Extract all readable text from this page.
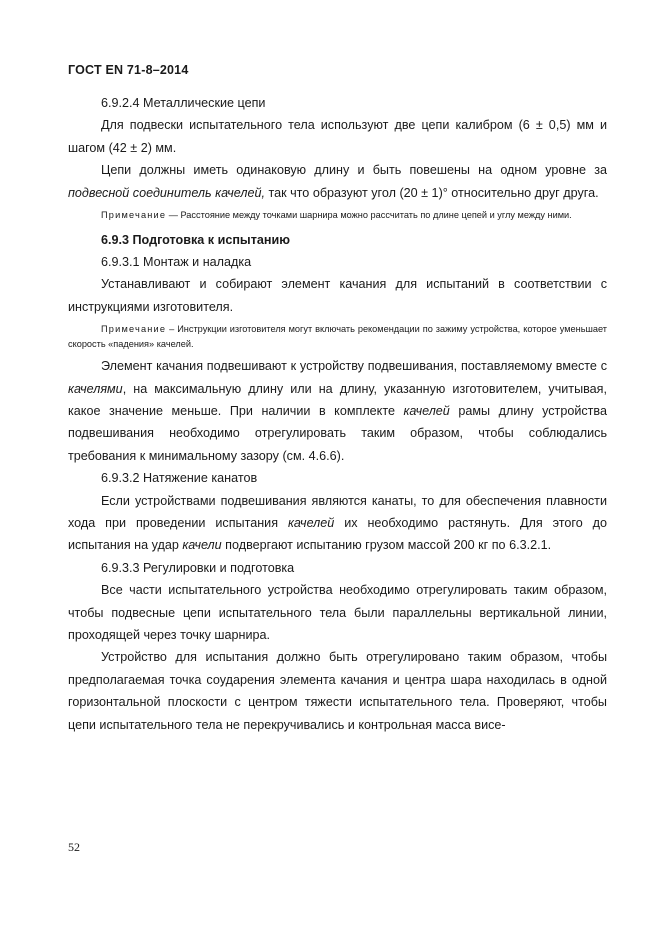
ГОСТ EN 71-8–2014
6.9.2.4 Металлические цепи

Для подвески испытательного тела используют две цепи калибром (6 ± 0,5) мм и шагом (42 ± 2) мм.

Цепи должны иметь одинаковую длину и быть повешены на одном уровне за подвесной соединитель качелей, так что образуют угол (20 ± 1)° относительно друг друга.

Примечание — Расстояние между точками шарнира можно рассчитать по длине цепей и углу между ними.

6.9.3 Подготовка к испытанию
6.9.3.1 Монтаж и наладка

Устанавливают и собирают элемент качания для испытаний в соответствии с инструкциями изготовителя.

Примечание – Инструкции изготовителя могут включать рекомендации по зажиму устройства, которое уменьшает скорость «падения» качелей.

Элемент качания подвешивают к устройству подвешивания, поставляемому вместе с качелями, на максимальную длину или на длину, указанную изготовителем, учитывая, какое значение меньше. При наличии в комплекте качелей рамы длину устройства подвешивания необходимо отрегулировать таким образом, чтобы соблюдались требования к минимальному зазору (см. 4.6.6).

6.9.3.2 Натяжение канатов

Если устройствами подвешивания являются канаты, то для обеспечения плавности хода при проведении испытания качелей их необходимо растянуть. Для этого до испытания на удар качели подвергают испытанию грузом массой 200 кг по 6.3.2.1.

6.9.3.3 Регулировки и подготовка

Все части испытательного устройства необходимо отрегулировать таким образом, чтобы подвесные цепи испытательного тела были параллельны вертикальной линии, проходящей через точку шарнира.

Устройство для испытания должно быть отрегулировано таким образом, чтобы предполагаемая точка соударения элемента качания и центра шара находилась в одной горизонтальной плоскости с центром тяжести испытательного тела. Проверяют, чтобы цепи испытательного тела не перекручивались и контрольная масса висе-

52
